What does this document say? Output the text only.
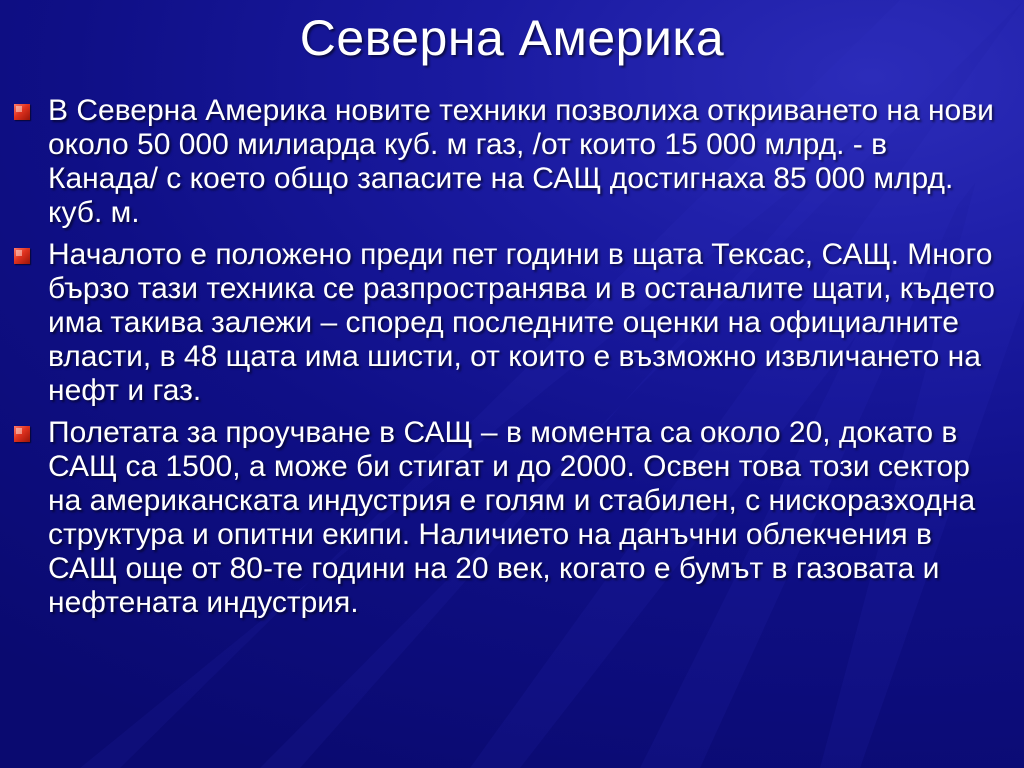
Северна Америка
В Северна Америка новите техники позволиха откриването на нови около 50 000 милиарда куб. м газ, /от които 15 000 млрд. - в Канада/ с което общо запасите на САЩ достигнаха 85 000 млрд. куб. м.
Началото е положено преди пет години в щата Тексас, САЩ. Много бързо тази техника се разпространява и в останалите щати, където има такива залежи – според последните оценки на официалните власти, в 48 щата има шисти, от които е възможно извличането на нефт и газ.
Полетата за проучване в САЩ – в момента са около 20, докато в САЩ са 1500, а може би стигат и до 2000. Освен това този сектор на американската индустрия е голям и стабилен, с нискоразходна структура и опитни екипи. Наличието на данъчни облекчения в САЩ още от 80-те години на 20 век, когато е бумът в газовата и нефтената индустрия.
